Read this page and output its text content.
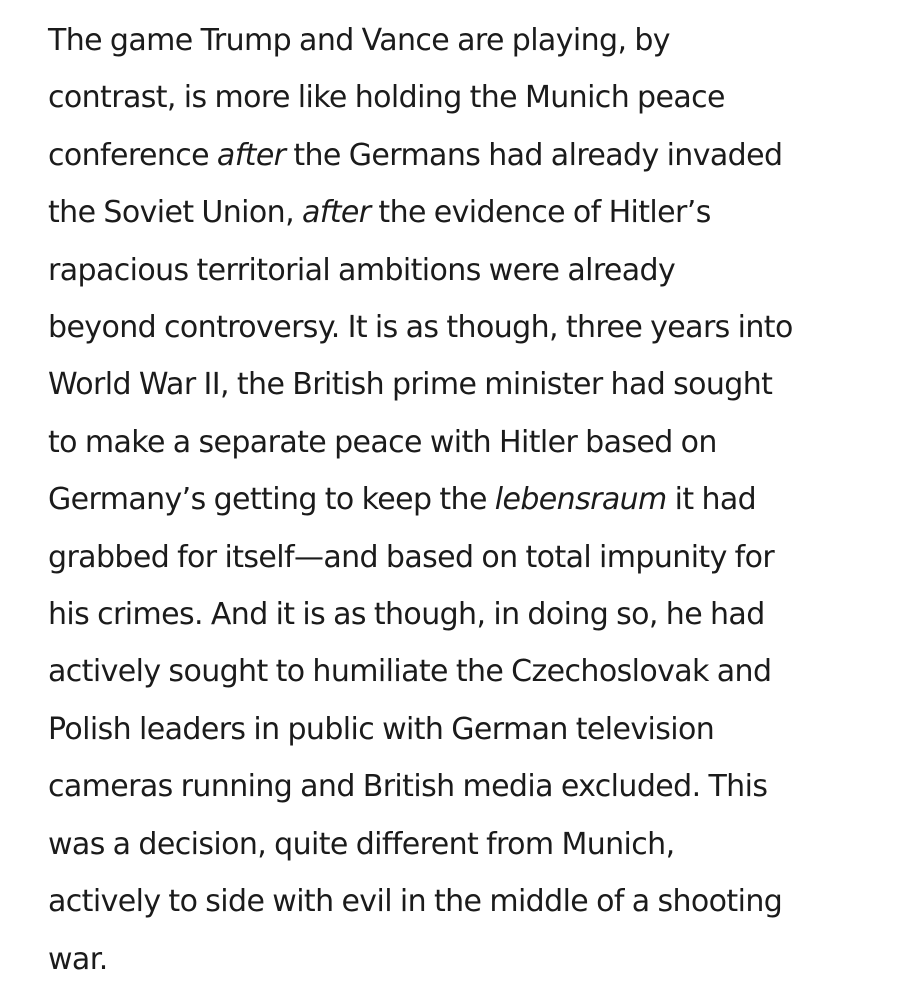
The game Trump and Vance are playing, by
contrast, is more like holding the Munich peace
conference after the Germans had already invaded
the Soviet Union, after the evidence of Hitler’s
rapacious territorial ambitions were already
beyond controversy. It is as though, three years into
World War II, the British prime minister had sought
to make a separate peace with Hitler based on
Germany’s getting to keep the lebensraum it had
grabbed for itself—and based on total impunity for
his crimes. And it is as though, in doing so, he had
actively sought to humiliate the Czechoslovak and
Polish leaders in public with German television
cameras running and British media excluded. This
was a decision, quite different from Munich,
actively to side with evil in the middle of a shooting
war.
